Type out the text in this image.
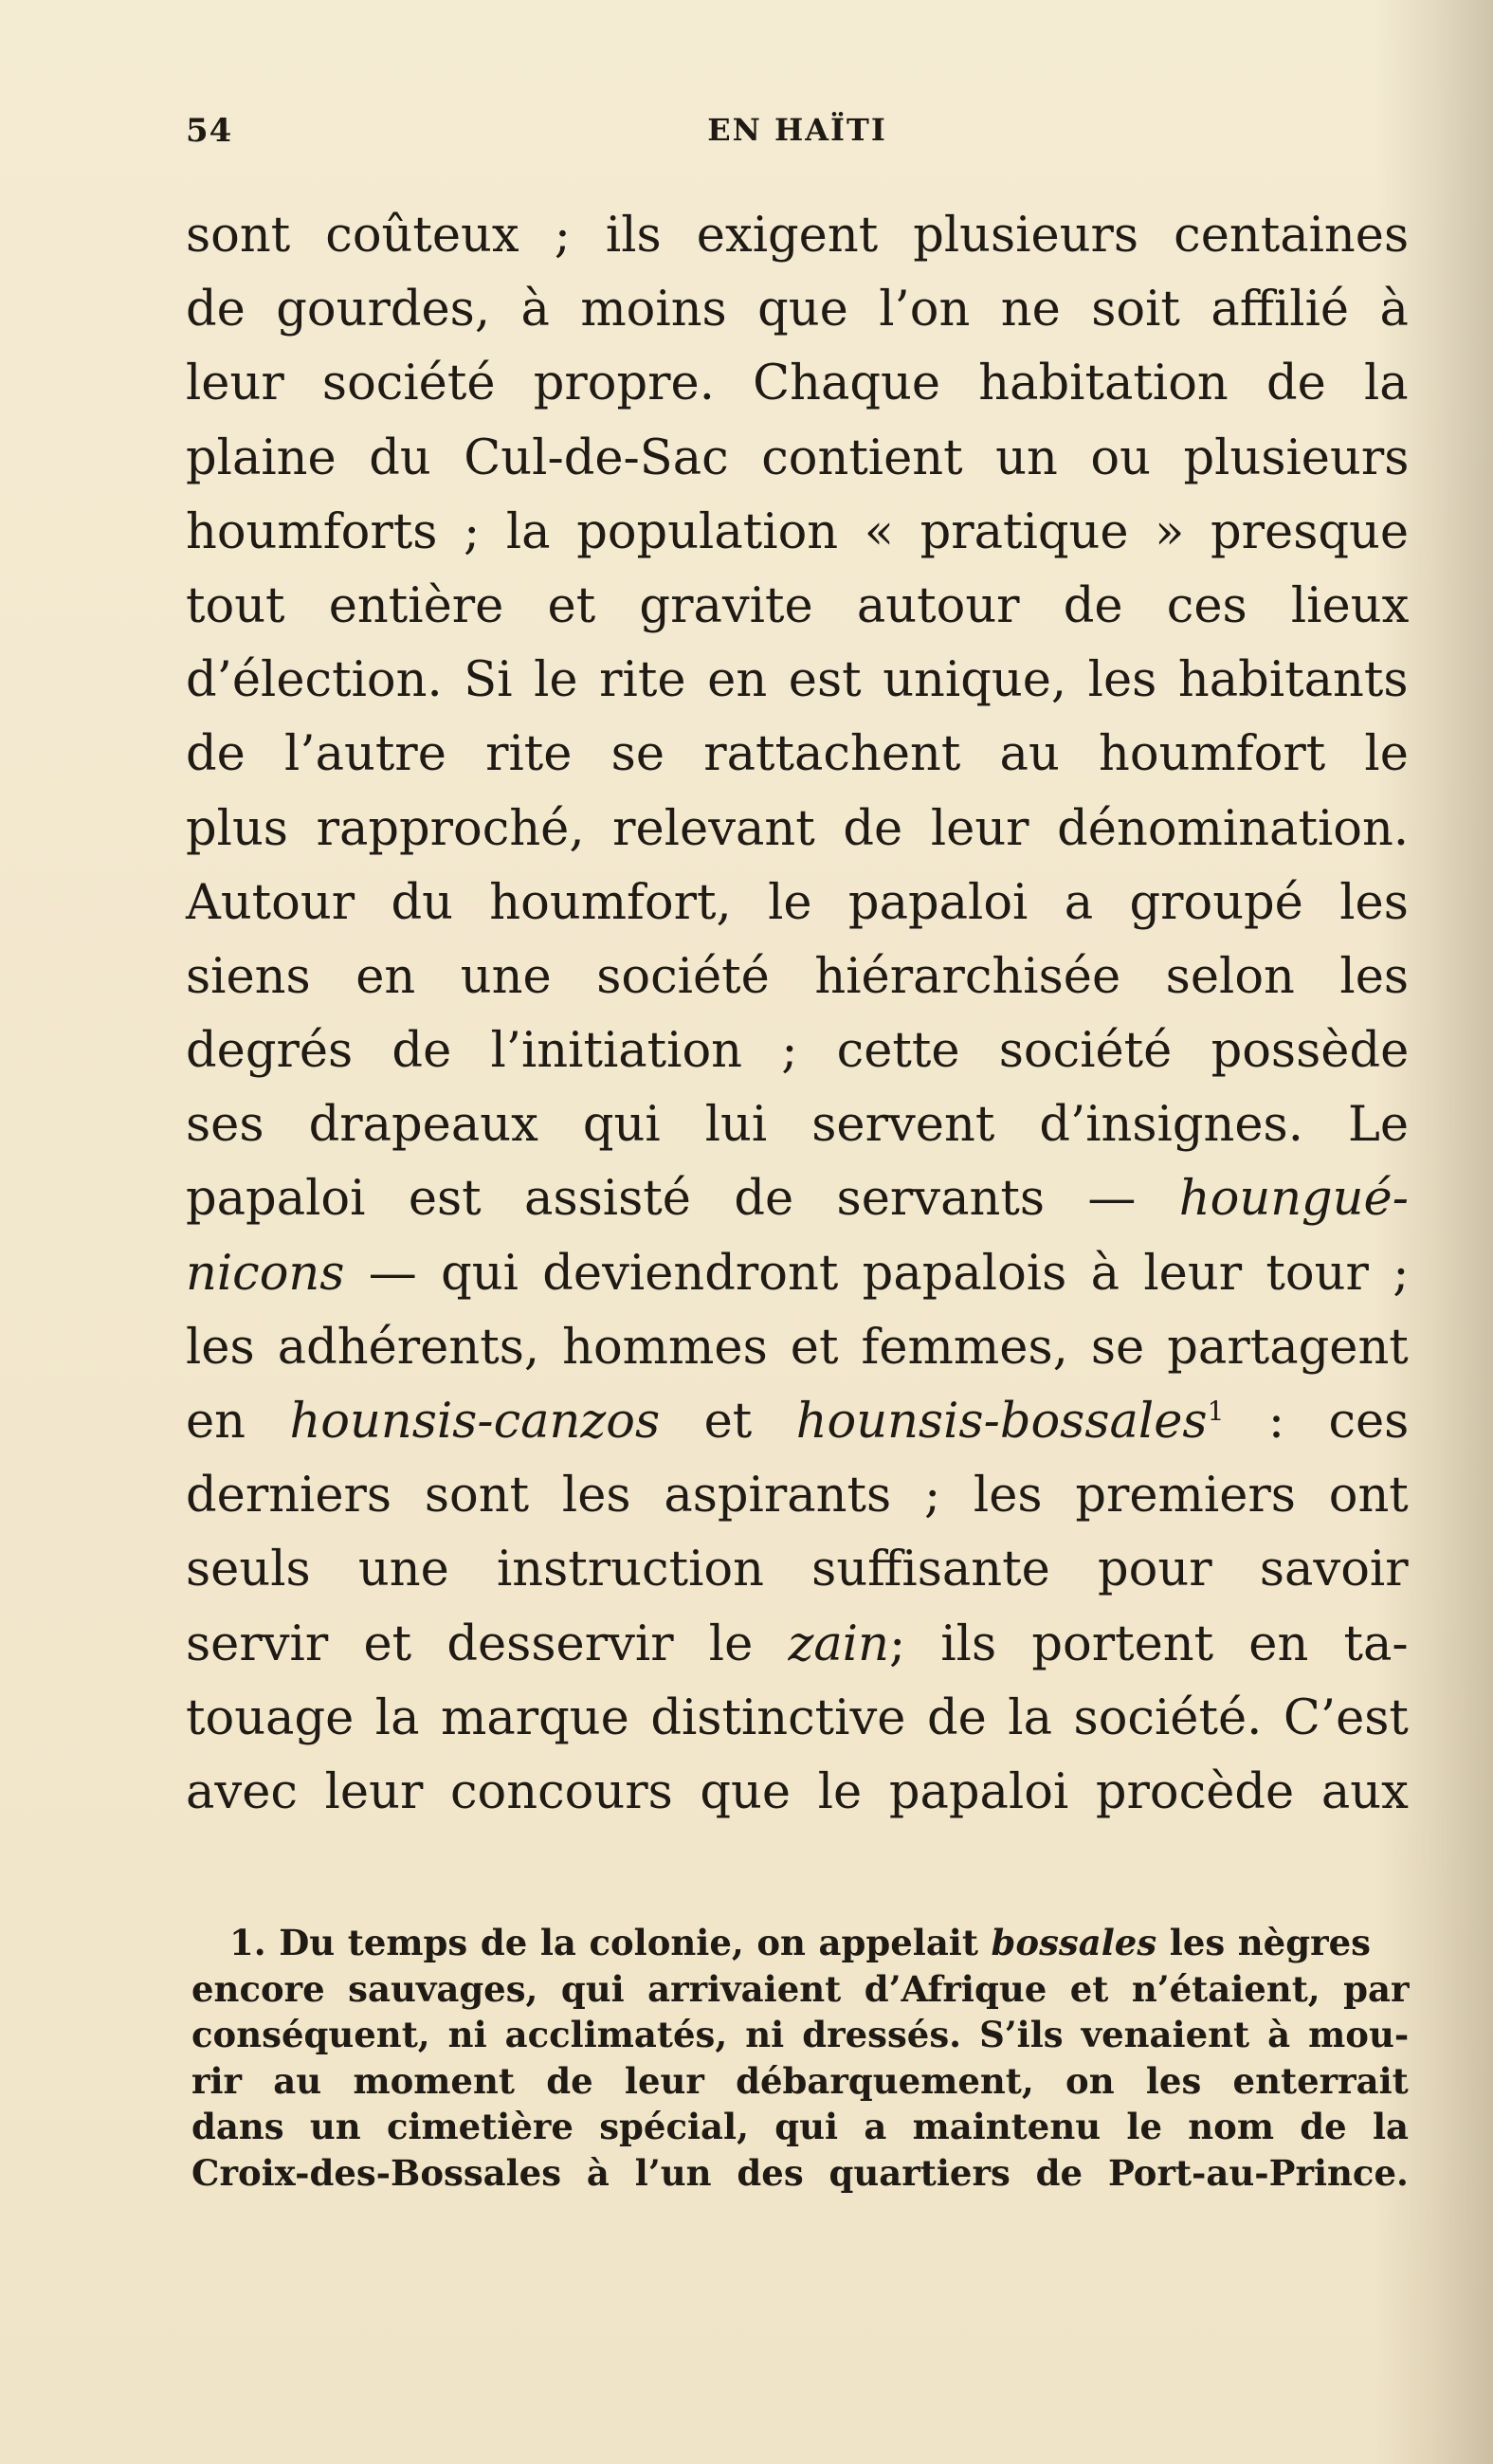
54	EN HAÏTI
sont coûteux ; ils exigent plusieurs centaines
de gourdes, à moins que l’on ne soit affilié à
leur société propre. Chaque habitation de la
plaine du Cul-de-Sac contient un ou plusieurs
houmforts ; la population « pratique » presque
tout entière et gravite autour de ces lieux
d’élection. Si le rite en est unique, les habitants
de l’autre rite se rattachent au houmfort le
plus rapproché, relevant de leur dénomination.
Autour du houmfort, le papaloi a groupé les
siens en une société hiérarchisée selon les
degrés de l’initiation ; cette société possède
ses drapeaux qui lui servent d’insignes. Le
papaloi est assisté de servants — houngué-
nicons — qui deviendront papalois à leur tour ;
les adhérents, hommes et femmes, se partagent
en hounsis-canzos et hounsis-bossales$^1$ : ces
derniers sont les aspirants ; les premiers ont
seuls une instruction suffisante pour savoir
servir et desservir le zain; ils portent en ta-
touage la marque distinctive de la société. C’est
avec leur concours que le papaloi procède aux
1. Du temps de la colonie, on appelait bossales les nègres
encore sauvages, qui arrivaient d’Afrique et n’étaient, par
conséquent, ni acclimatés, ni dressés. S’ils venaient à mou-
rir au moment de leur débarquement, on les enterrait
dans un cimetière spécial, qui a maintenu le nom de la
Croix-des-Bossales à l’un des quartiers de Port-au-Prince.
